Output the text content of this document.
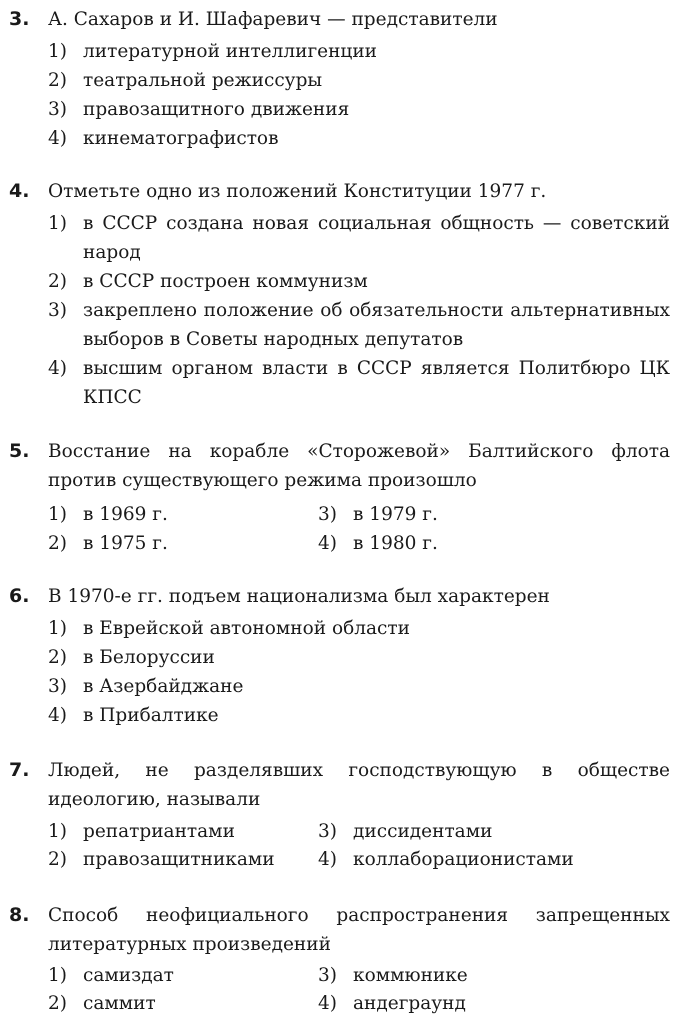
3. А. Сахаров и И. Шафаревич — представители
1) литературной интеллигенции
2) театральной режиссуры
3) правозащитного движения
4) кинематографистов
4. Отметьте одно из положений Конституции 1977 г.
1) в СССР создана новая социальная общность — советский народ
2) в СССР построен коммунизм
3) закреплено положение об обязательности альтернативных выборов в Советы народных депутатов
4) высшим органом власти в СССР является Политбюро ЦК КПСС
5. Восстание на корабле «Сторожевой» Балтийского флота против существующего режима произошло
1) в 1969 г.
2) в 1975 г.
3) в 1979 г.
4) в 1980 г.
6. В 1970-е гг. подъем национализма был характерен
1) в Еврейской автономной области
2) в Белоруссии
3) в Азербайджане
4) в Прибалтике
7. Людей, не разделявших господствующую в обществе идеологию, называли
1) репатриантами
2) правозащитниками
3) диссидентами
4) коллаборационистами
8. Способ неофициального распространения запрещенных литературных произведений
1) самиздат
2) саммит
3) коммюнике
4) андеграунд
